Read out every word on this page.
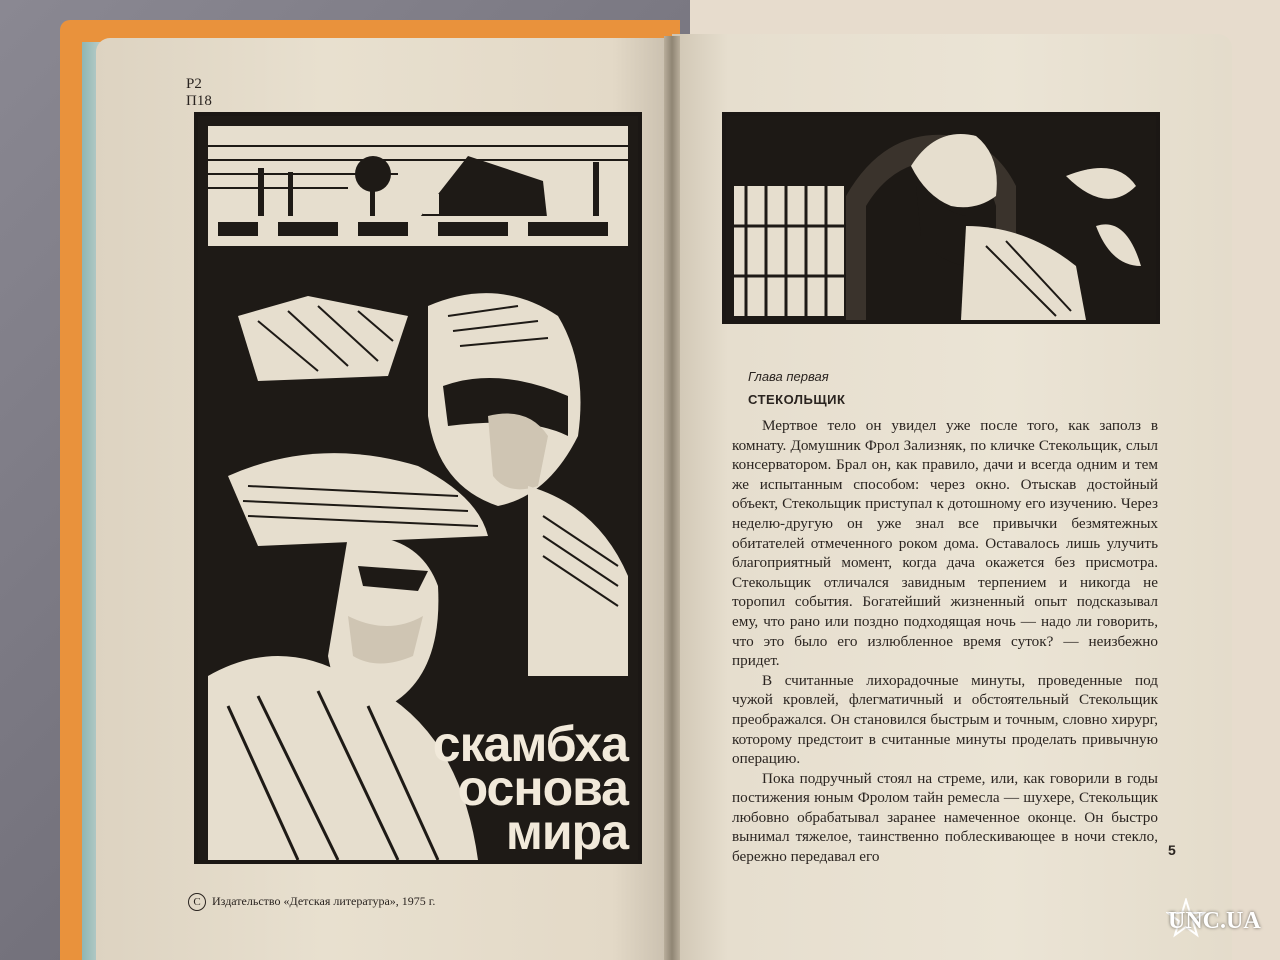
Р2
П18
скамбха
основа
мира
C Издательство «Детская литература», 1975 г.
Глава первая
СТЕКОЛЬЩИК

Мертвое тело он увидел уже после того, как заполз в комнату. Домушник Фрол Зализняк, по кличке Стекольщик, слыл консерватором. Брал он, как правило, дачи и всегда одним и тем же испытанным способом: через окно. Отыскав достойный объект, Стекольщик приступал к дотошному его изучению. Через неделю-другую он уже знал все привычки безмятежных обитателей отмеченного роком дома. Оставалось лишь улучить благоприятный момент, когда дача окажется без присмотра. Стекольщик отличался завидным терпением и никогда не торопил события. Богатейший жизненный опыт подсказывал ему, что рано или поздно подходящая ночь — надо ли говорить, что это было его излюбленное время суток? — неизбежно придет.

В считанные лихорадочные минуты, проведенные под чужой кровлей, флегматичный и обстоятельный Стекольщик преображался. Он становился быстрым и точным, словно хирург, которому предстоит в считанные минуты проделать привычную операцию.

Пока подручный стоял на стреме, или, как говорили в годы постижения юным Фролом тайн ремесла — шухере, Стекольщик любовно обрабатывал заранее намеченное оконце. Он быстро вынимал тяжелое, таинственно поблескивающее в ночи стекло, бережно передавал его	5
UNC.UA
